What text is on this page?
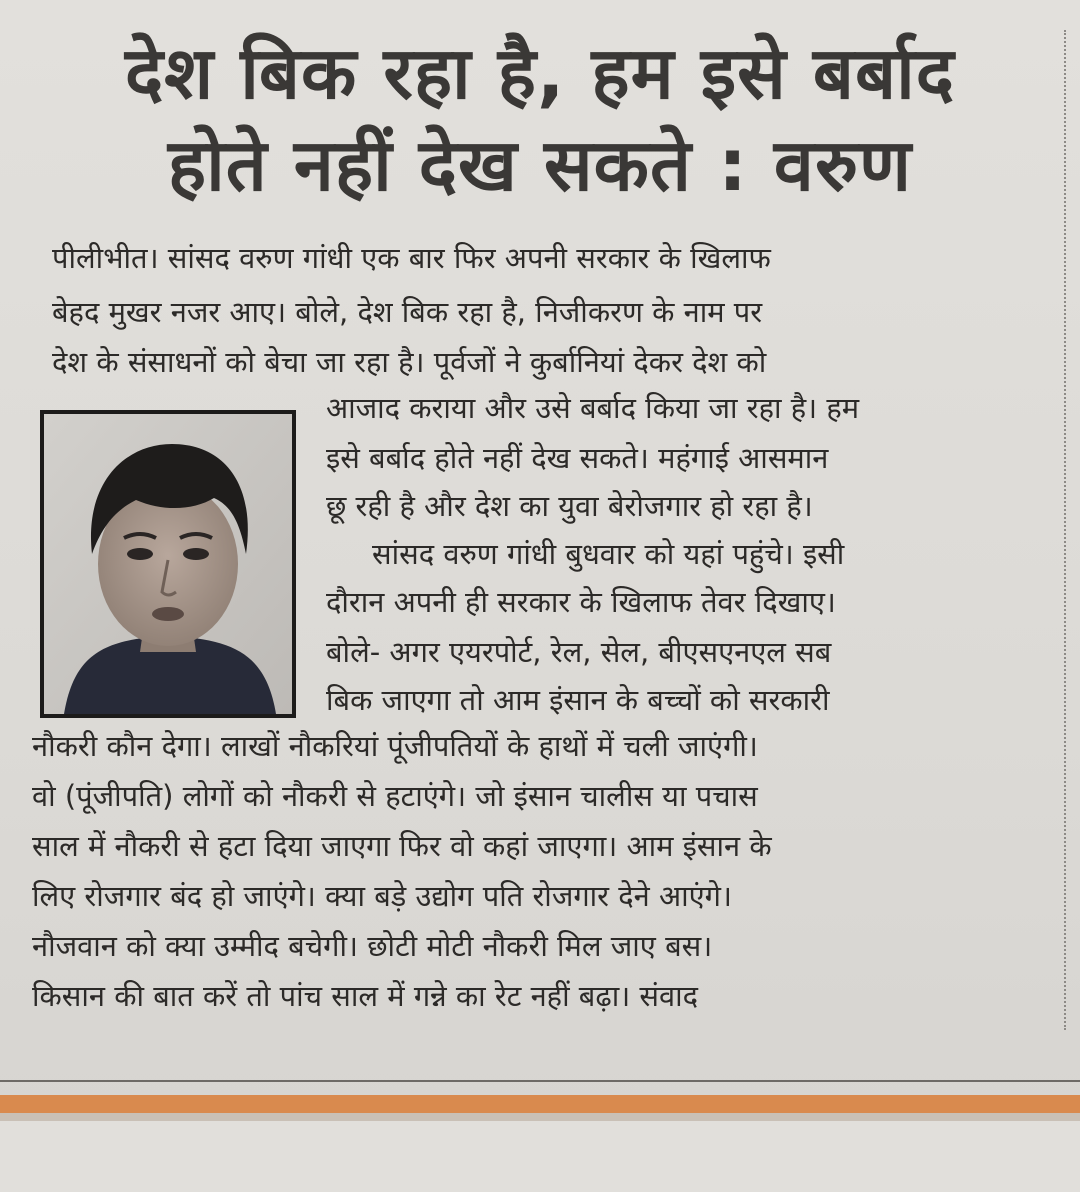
देश बिक रहा है, हम इसे बर्बाद
होते नहीं देख सकते : वरुण
पीलीभीत। सांसद वरुण गांधी एक बार फिर अपनी सरकार के खिलाफ
बेहद मुखर नजर आए। बोले, देश बिक रहा है, निजीकरण के नाम पर
देश के संसाधनों को बेचा जा रहा है। पूर्वजों ने कुर्बानियां देकर देश को
आजाद कराया और उसे बर्बाद किया जा रहा है। हम
इसे बर्बाद होते नहीं देख सकते। महंगाई आसमान
छू रही है और देश का युवा बेरोजगार हो रहा है।
सांसद वरुण गांधी बुधवार को यहां पहुंचे। इसी
दौरान अपनी ही सरकार के खिलाफ तेवर दिखाए।
बोले- अगर एयरपोर्ट, रेल, सेल, बीएसएनएल सब
बिक जाएगा तो आम इंसान के बच्चों को सरकारी
नौकरी कौन देगा। लाखों नौकरियां पूंजीपतियों के हाथों में चली जाएंगी।
वो (पूंजीपति) लोगों को नौकरी से हटाएंगे। जो इंसान चालीस या पचास
साल में नौकरी से हटा दिया जाएगा फिर वो कहां जाएगा। आम इंसान के
लिए रोजगार बंद हो जाएंगे। क्या बड़े उद्योग पति रोजगार देने आएंगे।
नौजवान को क्या उम्मीद बचेगी। छोटी मोटी नौकरी मिल जाए बस।
किसान की बात करें तो पांच साल में गन्ने का रेट नहीं बढ़ा। संवाद
